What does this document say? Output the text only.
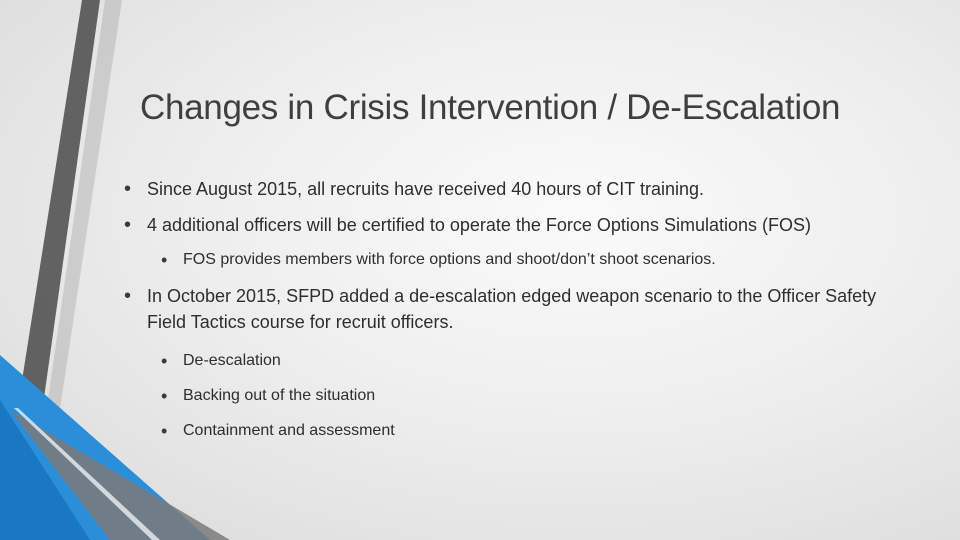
Changes in Crisis Intervention / De-Escalation
• Since August 2015, all recruits have received 40 hours of CIT training.
• 4 additional officers will be certified to operate the Force Options Simulations (FOS)
• FOS provides members with force options and shoot/don’t shoot scenarios.
• In October 2015, SFPD added a de-escalation edged weapon scenario to the Officer Safety Field Tactics course for recruit officers.
• De-escalation
• Backing out of the situation
• Containment and assessment
